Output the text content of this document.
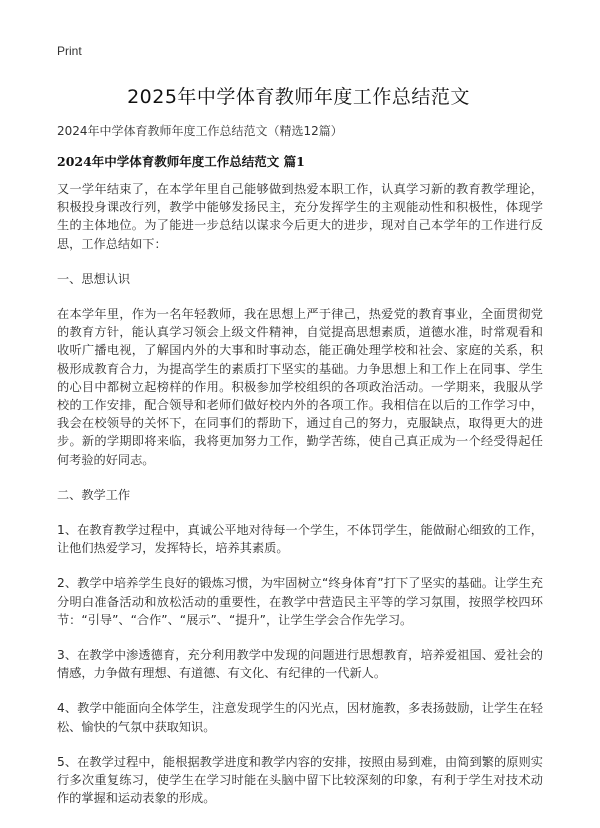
Print
2025年中学体育教师年度工作总结范文
2024年中学体育教师年度工作总结范文（精选12篇）
2024年中学体育教师年度工作总结范文 篇1

又一学年结束了，在本学年里自己能够做到热爱本职工作，认真学习新的教育教学理论，积极投身课改行列，教学中能够发扬民主，充分发挥学生的主观能动性和积极性，体现学生的主体地位。为了能进一步总结以谋求今后更大的进步，现对自己本学年的工作进行反思，工作总结如下：

一、思想认识

在本学年里，作为一名年轻教师，我在思想上严于律己，热爱党的教育事业，全面贯彻党的教育方针，能认真学习领会上级文件精神，自觉提高思想素质，道德水准，时常观看和收听广播电视，了解国内外的大事和时事动态，能正确处理学校和社会、家庭的关系，积极形成教育合力，为提高学生的素质打下坚实的基础。力争思想上和工作上在同事、学生的心目中都树立起榜样的作用。积极参加学校组织的各项政治活动。一学期来，我服从学校的工作安排，配合领导和老师们做好校内外的各项工作。我相信在以后的工作学习中，我会在校领导的关怀下，在同事们的帮助下，通过自己的努力，克服缺点，取得更大的进步。新的学期即将来临，我将更加努力工作，勤学苦练，使自己真正成为一个经受得起任何考验的好同志。

二、教学工作

1、在教育教学过程中，真诚公平地对待每一个学生，不体罚学生，能做耐心细致的工作，让他们热爱学习，发挥特长，培养其素质。

2、教学中培养学生良好的锻炼习惯，为牢固树立“终身体育”打下了坚实的基础。让学生充分明白准备活动和放松活动的重要性，在教学中营造民主平等的学习氛围，按照学校四环节：“引导”、“合作”、“展示”、“提升”，让学生学会合作先学习。

3、在教学中渗透德育，充分利用教学中发现的问题进行思想教育，培养爱祖国、爱社会的情感，力争做有理想、有道德、有文化、有纪律的一代新人。

4、教学中能面向全体学生，注意发现学生的闪光点，因材施教，多表扬鼓励，让学生在轻松、愉快的气氛中获取知识。

5、在教学过程中，能根据教学进度和教学内容的安排，按照由易到难，由简到繁的原则实行多次重复练习，使学生在学习时能在头脑中留下比较深刻的印象，有利于学生对技术动作的掌握和运动表象的形成。
